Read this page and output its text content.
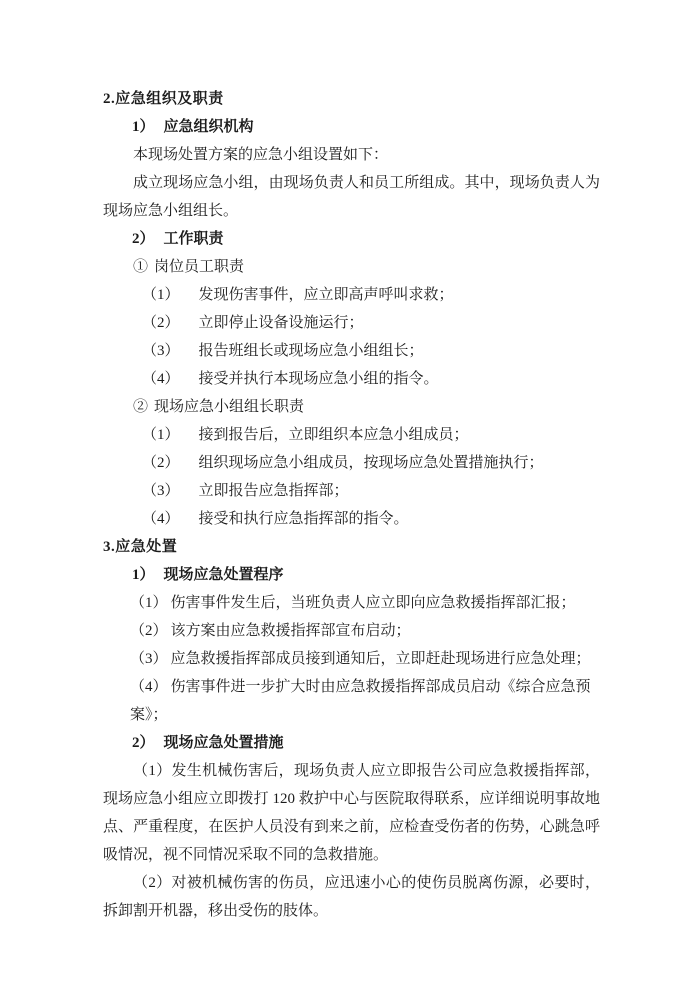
2.应急组织及职责
1） 应急组织机构
本现场处置方案的应急小组设置如下：
成立现场应急小组，由现场负责人和员工所组成。其中，现场负责人为现场应急小组组长。
2） 工作职责
① 岗位员工职责
（1） 发现伤害事件，应立即高声呼叫求救；
（2） 立即停止设备设施运行；
（3） 报告班组长或现场应急小组组长；
（4） 接受并执行本现场应急小组的指令。
② 现场应急小组组长职责
（1） 接到报告后，立即组织本应急小组成员；
（2） 组织现场应急小组成员，按现场应急处置措施执行；
（3） 立即报告应急指挥部；
（4） 接受和执行应急指挥部的指令。
3.应急处置
1） 现场应急处置程序
（1） 伤害事件发生后，当班负责人应立即向应急救援指挥部汇报；
（2） 该方案由应急救援指挥部宣布启动；
（3） 应急救援指挥部成员接到通知后，立即赶赴现场进行应急处理；
（4） 伤害事件进一步扩大时由应急救援指挥部成员启动《综合应急预案》；
2） 现场应急处置措施
（1）发生机械伤害后，现场负责人应立即报告公司应急救援指挥部，现场应急小组应立即拨打 120 救护中心与医院取得联系，应详细说明事故地点、严重程度，在医护人员没有到来之前，应检查受伤者的伤势，心跳急呼吸情况，视不同情况采取不同的急救措施。
（2）对被机械伤害的伤员，应迅速小心的使伤员脱离伤源，必要时，拆卸割开机器，移出受伤的肢体。
